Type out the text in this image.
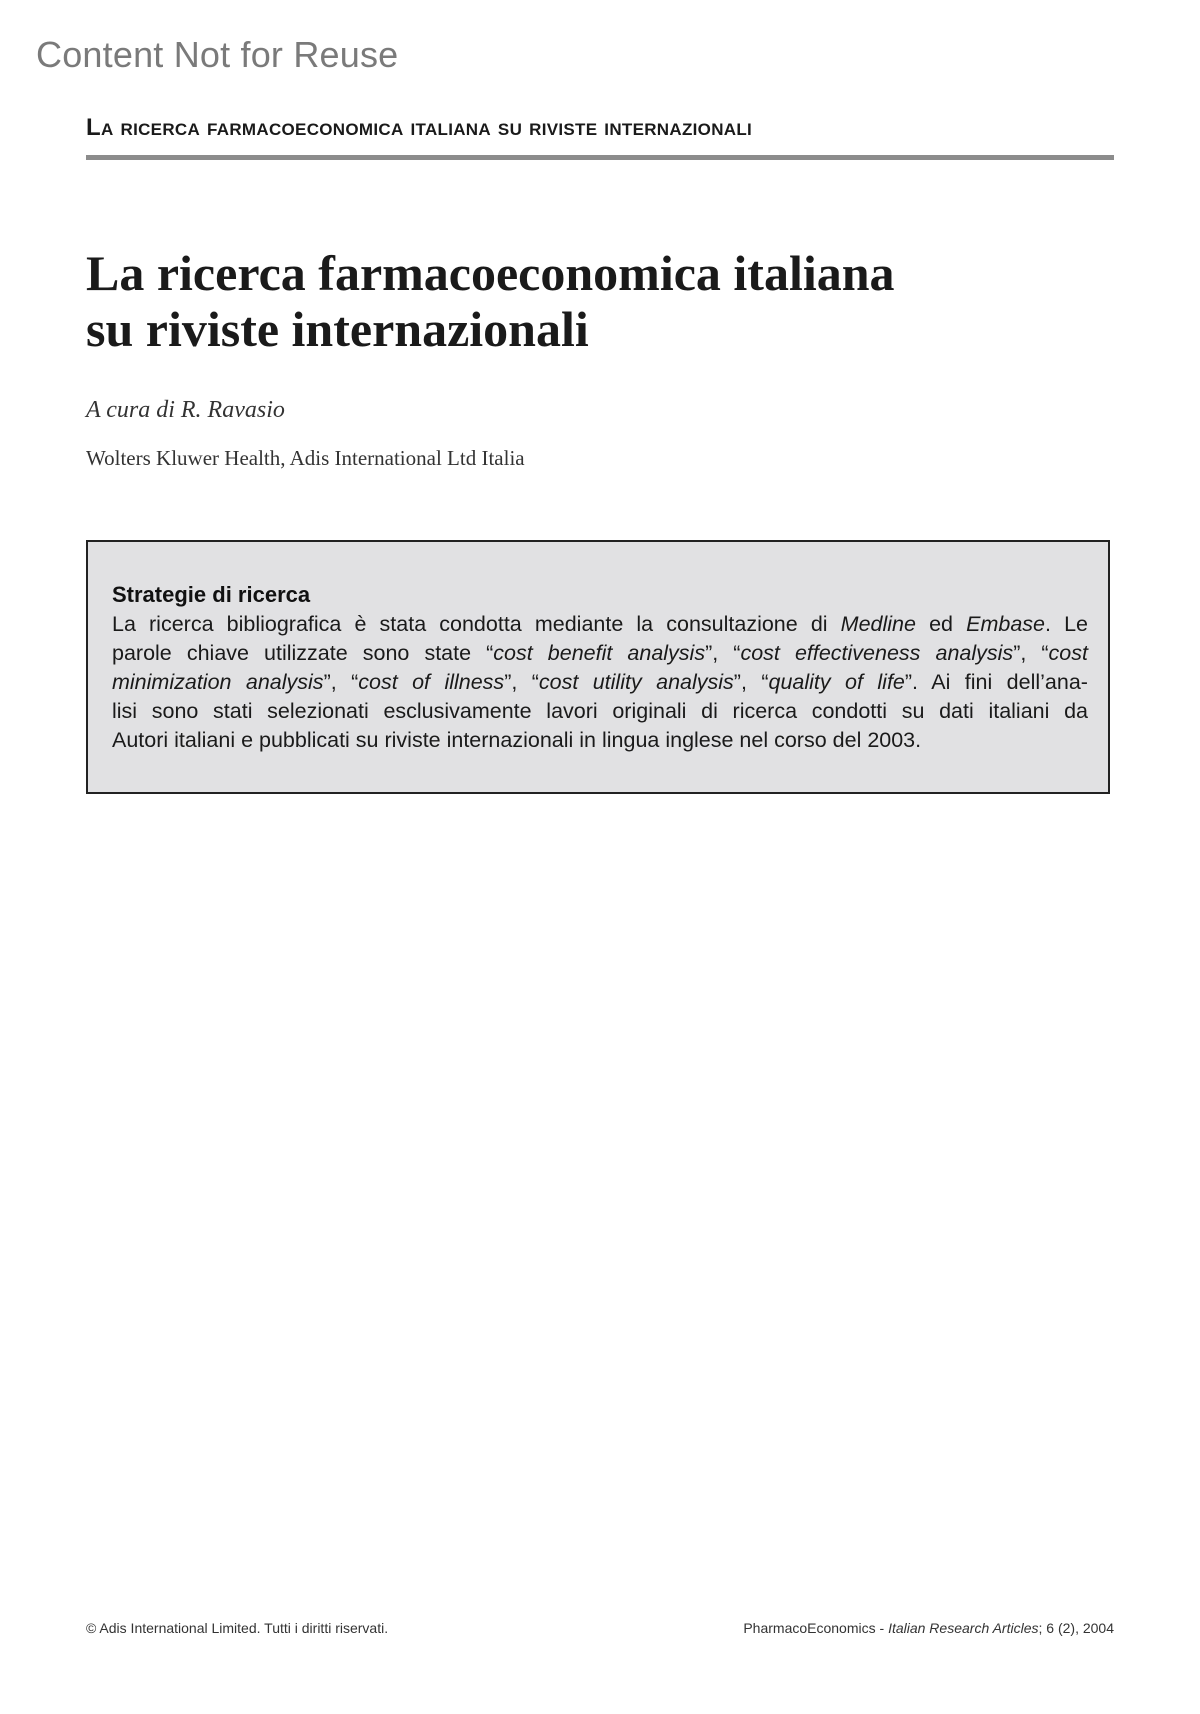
Content Not for Reuse
La ricerca farmacoeconomica italiana su riviste internazionali
La ricerca farmacoeconomica italiana
su riviste internazionali
A cura di R. Ravasio
Wolters Kluwer Health, Adis International Ltd Italia
Strategie di ricerca

La ricerca bibliografica è stata condotta mediante la consultazione di Medline ed Embase. Le
parole chiave utilizzate sono state “cost benefit analysis”, “cost effectiveness analysis”, “cost
minimization analysis”, “cost of illness”, “cost utility analysis”, “quality of life”. Ai fini dell’ana-
lisi sono stati selezionati esclusivamente lavori originali di ricerca condotti su dati italiani da
Autori italiani e pubblicati su riviste internazionali in lingua inglese nel corso del 2003.

© Adis International Limited. Tutti i diritti riservati.	PharmacoEconomics - Italian Research Articles; 6 (2), 2004
